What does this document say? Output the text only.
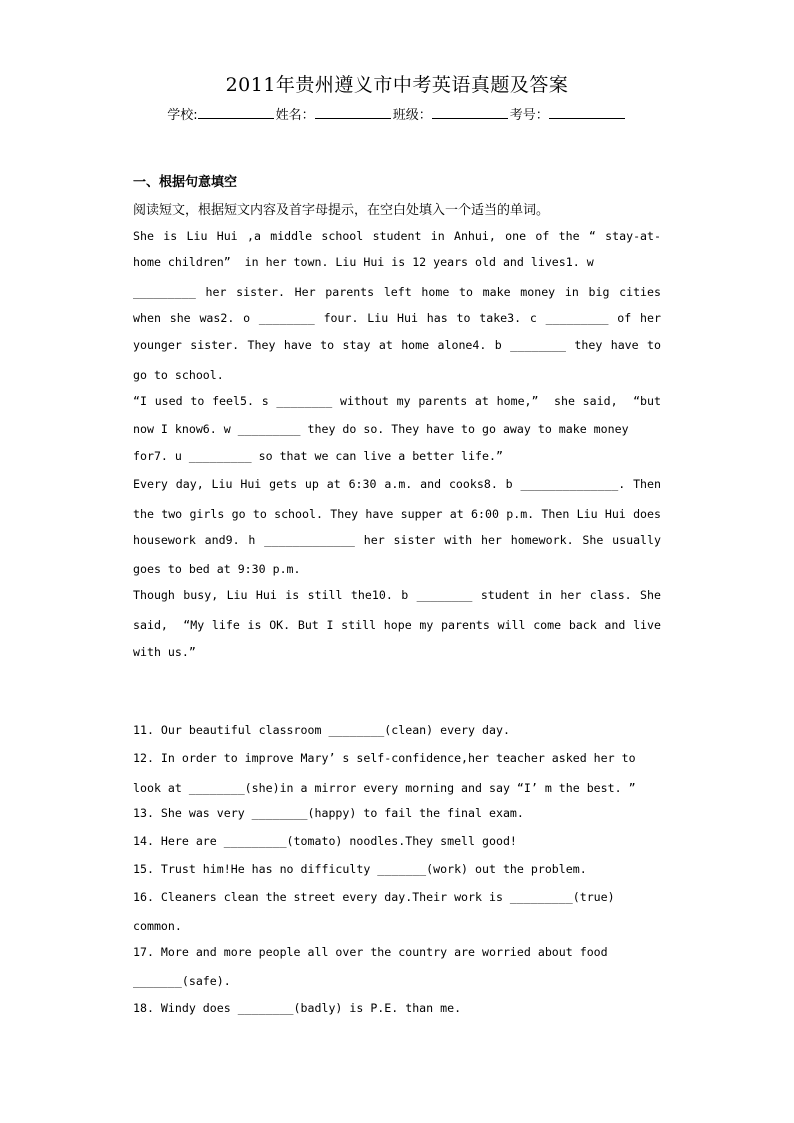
2011年贵州遵义市中考英语真题及答案
学校:	姓名：	班级：	考号：
一、根据句意填空
阅读短文，根据短文内容及首字母提示，在空白处填入一个适当的单词。
She is Liu Hui ,a middle school student in Anhui, one of the “ stay-at-
home children”  in her town. Liu Hui is 12 years old and lives1. w
_________ her sister. Her parents left home to make money in big cities
when she was2. o ________ four. Liu Hui has to take3. c _________ of her
younger sister. They have to stay at home alone4. b ________ they have to
go to school.
“I used to feel5. s ________ without my parents at home,”  she said,  “but
now I know6. w _________ they do so. They have to go away to make money
for7. u _________ so that we can live a better life.”
Every day, Liu Hui gets up at 6:30 a.m. and cooks8. b ______________. Then
the two girls go to school. They have supper at 6:00 p.m. Then Liu Hui does
housework and9. h _____________ her sister with her homework. She usually
goes to bed at 9:30 p.m.
Though busy, Liu Hui is still the10. b ________ student in her class. She
said,  “My life is OK. But I still hope my parents will come back and live
with us.”
11. Our beautiful classroom ________(clean) every day.
12. In order to improve Mary’ s self-confidence,her teacher asked her to
look at ________(she)in a mirror every morning and say “I’ m the best. ”
13. She was very ________(happy) to fail the final exam.
14. Here are _________(tomato) noodles.They smell good!
15. Trust him!He has no difficulty _______(work) out the problem.
16. Cleaners clean the street every day.Their work is _________(true)
common.
17. More and more people all over the country are worried about food
_______(safe).
18. Windy does ________(badly) is P.E. than me.
